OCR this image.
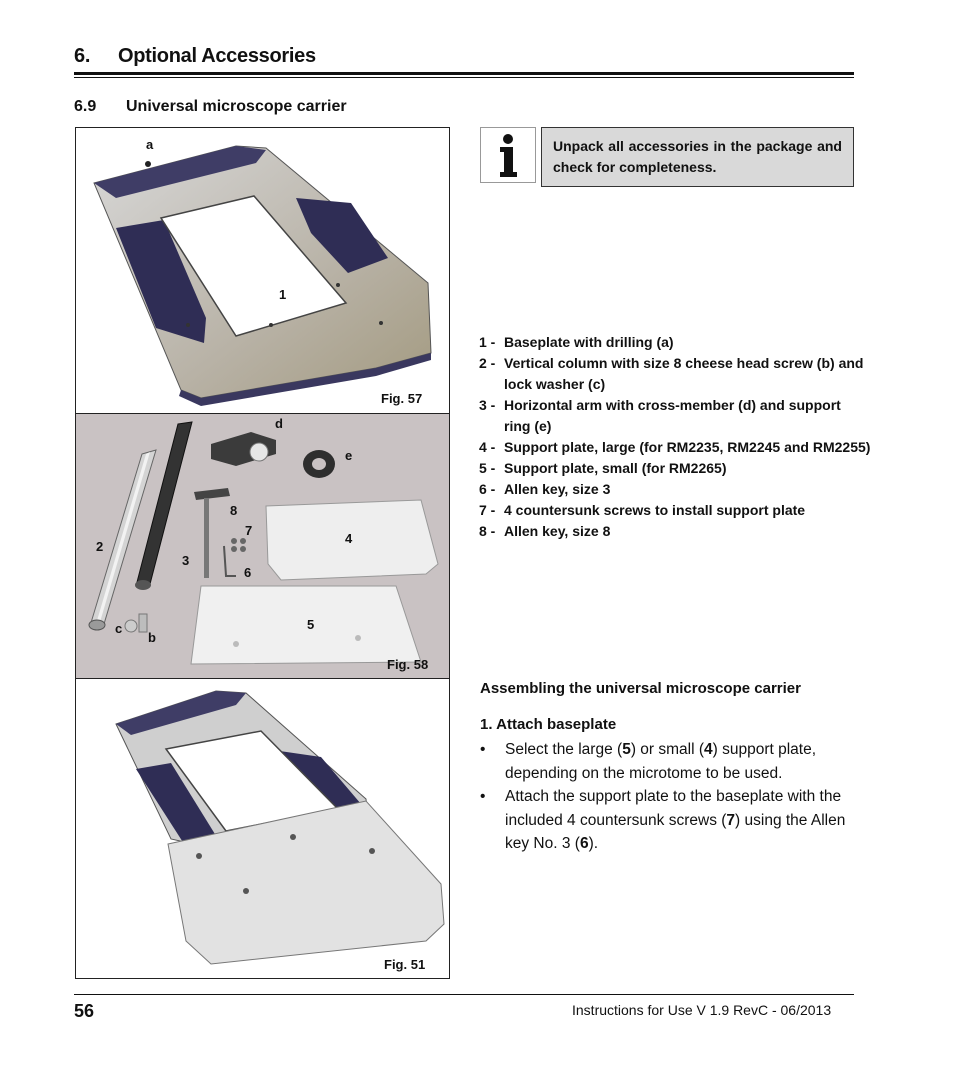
6. Optional Accessories
6.9 Universal microscope carrier
a
1
Fig. 57
d
e
8
7
2
3
4
6
c
b
5
Fig. 58
Fig. 51
Unpack all accessories in the package and check for completeness.
1 - Baseplate with drilling (a)
2 - Vertical column with size 8 cheese head screw (b) and lock washer (c)
3 - Horizontal arm with cross-member (d) and support ring (e)
4 - Support plate, large (for RM2235, RM2245 and RM2255)
5 - Support plate, small (for RM2265)
6 - Allen key, size 3
7 - 4 countersunk screws to install support plate
8 - Allen key, size 8
Assembling the universal microscope carrier
1. Attach baseplate
•	Select the large (5) or small (4) support plate, depending on the microtome to be used.
•	Attach the support plate to the baseplate with the included 4 countersunk screws (7) using the Allen key No. 3 (6).
56	Instructions for Use V 1.9 RevC - 06/2013
